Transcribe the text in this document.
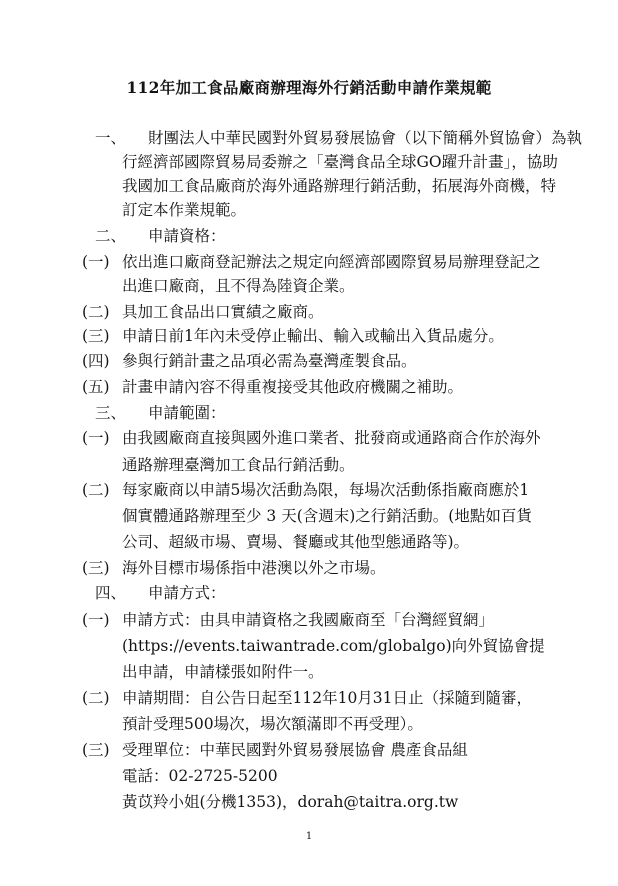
112年加工食品廠商辦理海外行銷活動申請作業規範
一、 財團法人中華民國對外貿易發展協會（以下簡稱外貿協會）為執
行經濟部國際貿易局委辦之「臺灣食品全球GO躍升計畫」，協助
我國加工食品廠商於海外通路辦理行銷活動，拓展海外商機，特
訂定本作業規範。
二、 申請資格：
(一) 依出進口廠商登記辦法之規定向經濟部國際貿易局辦理登記之
出進口廠商，且不得為陸資企業。
(二) 具加工食品出口實績之廠商。
(三) 申請日前1年內未受停止輸出、輸入或輸出入貨品處分。
(四) 參與行銷計畫之品項必需為臺灣產製食品。
(五) 計畫申請內容不得重複接受其他政府機關之補助。
三、 申請範圍：
(一) 由我國廠商直接與國外進口業者、批發商或通路商合作於海外
通路辦理臺灣加工食品行銷活動。
(二) 每家廠商以申請5場次活動為限，每場次活動係指廠商應於1
個實體通路辦理至少 3 天(含週末)之行銷活動。(地點如百貨
公司、超級市場、賣場、餐廳或其他型態通路等)。
(三) 海外目標市場係指中港澳以外之市場。
四、 申請方式：
(一) 申請方式：由具申請資格之我國廠商至「台灣經貿網」
(https://events.taiwantrade.com/globalgo)向外貿協會提
出申請，申請樣張如附件一。
(二) 申請期間：自公告日起至112年10月31日止（採隨到隨審，
預計受理500場次，場次額滿即不再受理）。
(三) 受理單位：中華民國對外貿易發展協會 農產食品組
電話：02-2725-5200
黃苡羚小姐(分機1353)，dorah@taitra.org.tw
1
